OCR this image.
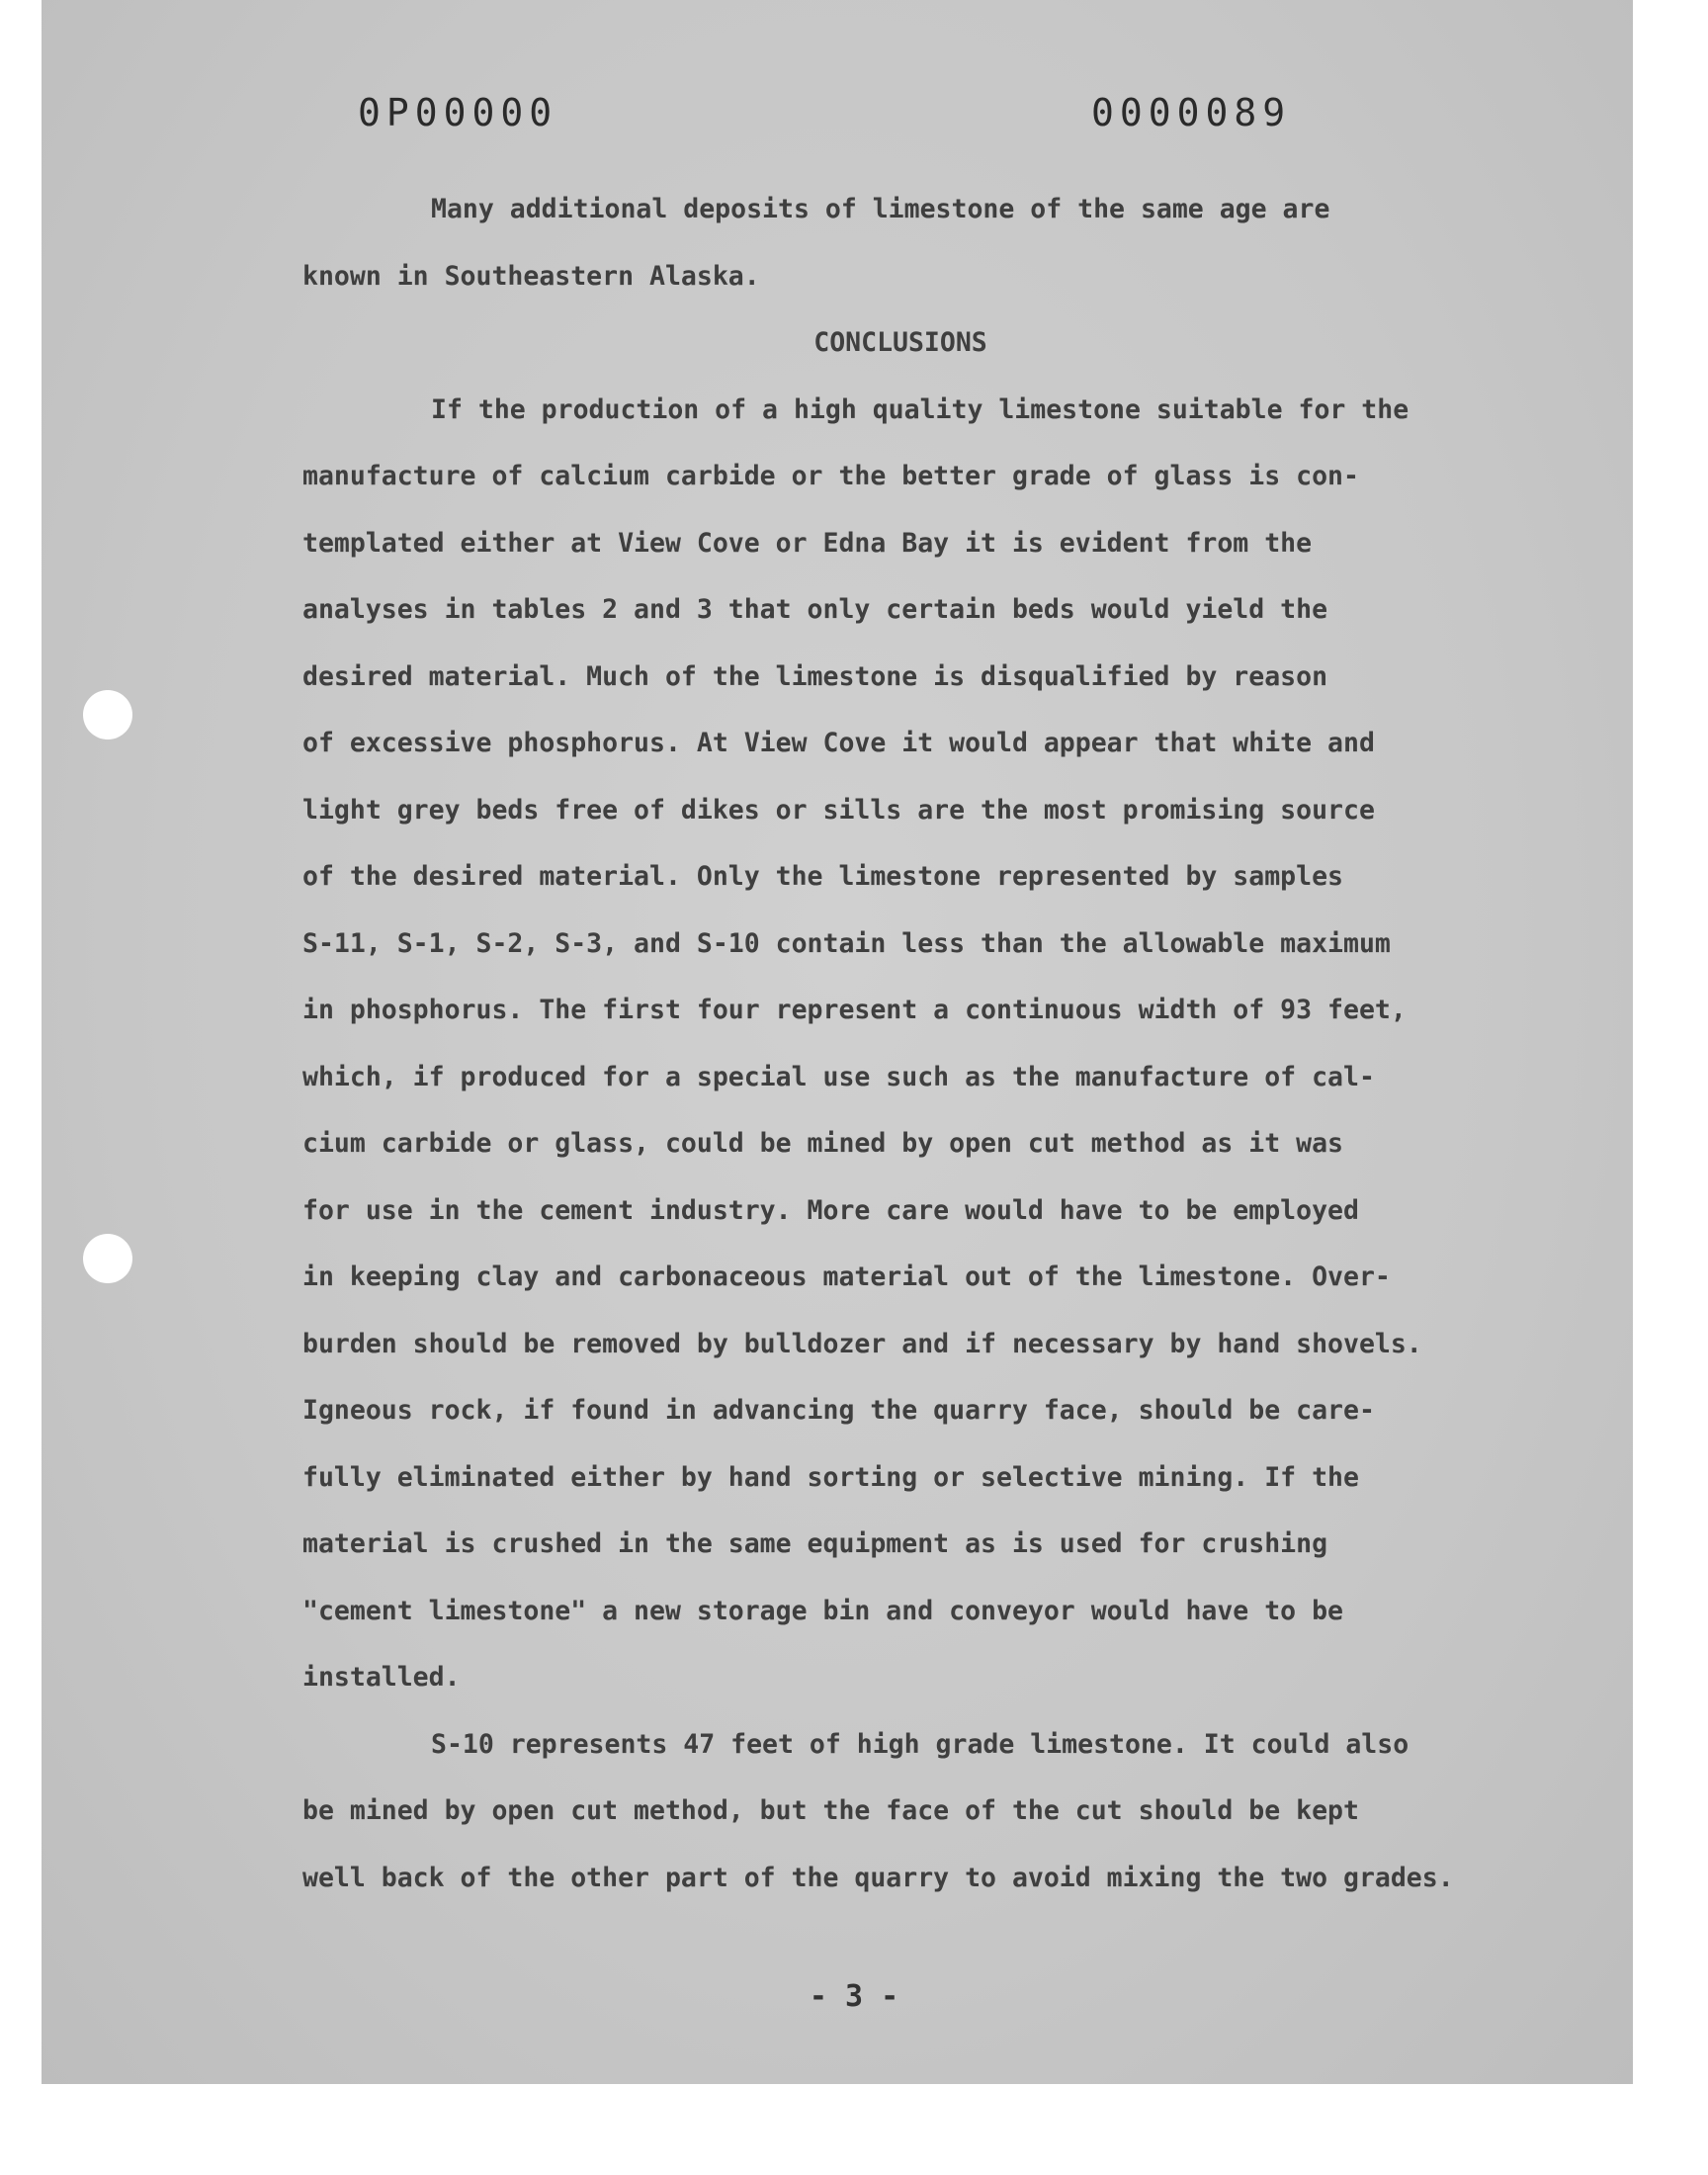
0P00000	0000089
Many additional deposits of limestone of the same age are
known in Southeastern Alaska.
CONCLUSIONS
If the production of a high quality limestone suitable for the
manufacture of calcium carbide or the better grade of glass is con-
templated either at View Cove or Edna Bay it is evident from the
analyses in tables 2 and 3 that only certain beds would yield the
desired material. Much of the limestone is disqualified by reason
of excessive phosphorus. At View Cove it would appear that white and
light grey beds free of dikes or sills are the most promising source
of the desired material. Only the limestone represented by samples
S-11, S-1, S-2, S-3, and S-10 contain less than the allowable maximum
in phosphorus. The first four represent a continuous width of 93 feet,
which, if produced for a special use such as the manufacture of cal-
cium carbide or glass, could be mined by open cut method as it was
for use in the cement industry. More care would have to be employed
in keeping clay and carbonaceous material out of the limestone. Over-
burden should be removed by bulldozer and if necessary by hand shovels.
Igneous rock, if found in advancing the quarry face, should be care-
fully eliminated either by hand sorting or selective mining. If the
material is crushed in the same equipment as is used for crushing
"cement limestone" a new storage bin and conveyor would have to be
installed.
S-10 represents 47 feet of high grade limestone. It could also
be mined by open cut method, but the face of the cut should be kept
well back of the other part of the quarry to avoid mixing the two grades.
- 3 -
